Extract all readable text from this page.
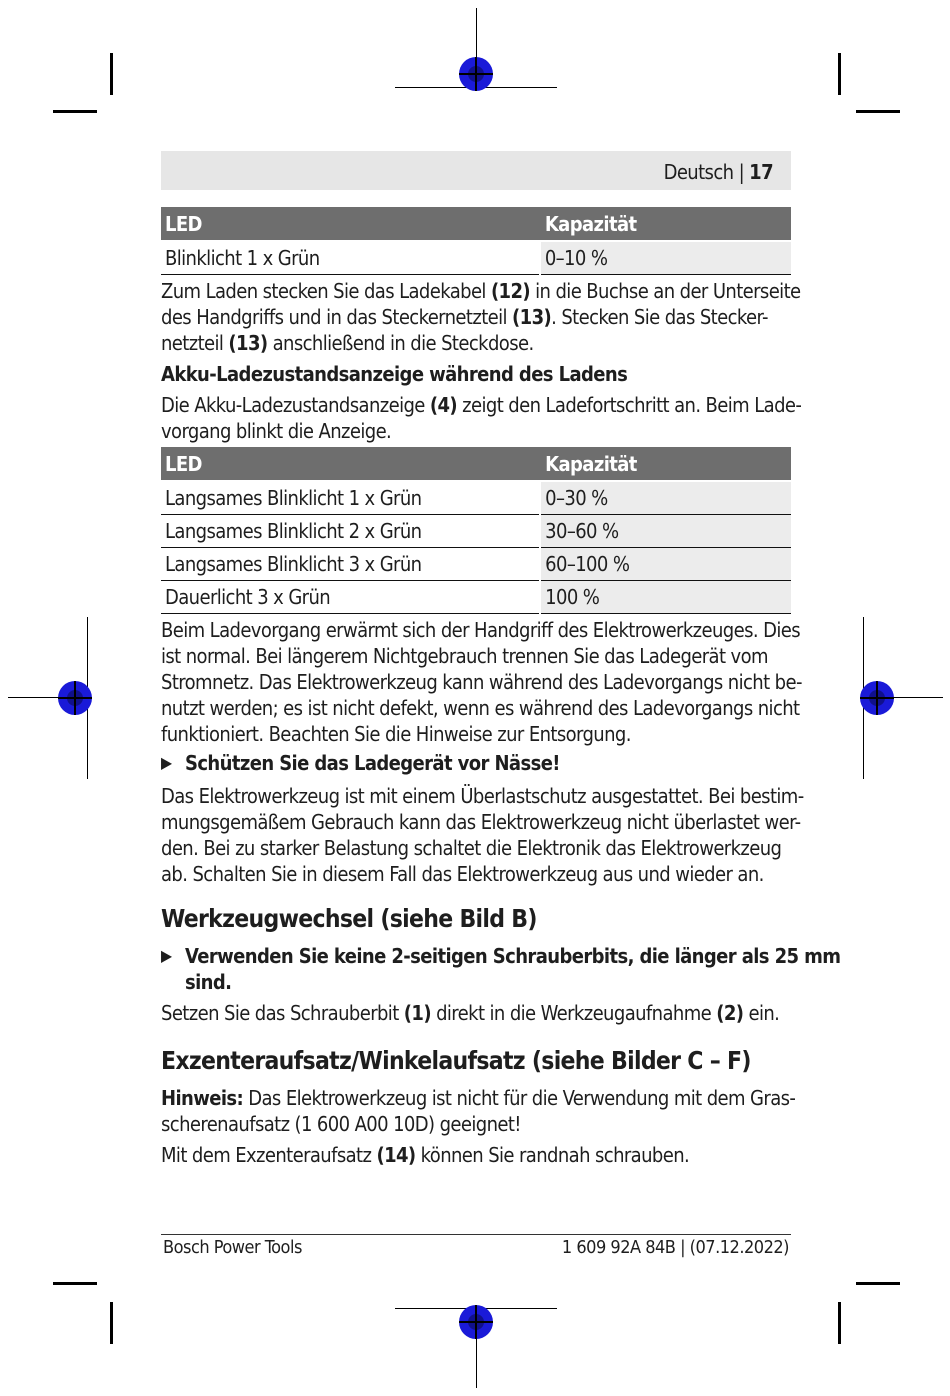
Deutsch | 17
LED	Kapazität
Blinklicht 1 x Grün	0–10 %
Zum Laden stecken Sie das Ladekabel (12) in die Buchse an der Unterseite
des Handgriffs und in das Steckernetzteil (13). Stecken Sie das Stecker-
netzteil (13) anschließend in die Steckdose.
Akku-Ladezustandsanzeige während des Ladens
Die Akku-Ladezustandsanzeige (4) zeigt den Ladefortschritt an. Beim Lade-
vorgang blinkt die Anzeige.
LED	Kapazität
Langsames Blinklicht 1 x Grün	0–30 %
Langsames Blinklicht 2 x Grün	30–60 %
Langsames Blinklicht 3 x Grün	60–100 %
Dauerlicht 3 x Grün	100 %
Beim Ladevorgang erwärmt sich der Handgriff des Elektrowerkzeuges. Dies
ist normal. Bei längerem Nichtgebrauch trennen Sie das Ladegerät vom
Stromnetz. Das Elektrowerkzeug kann während des Ladevorgangs nicht be-
nutzt werden; es ist nicht defekt, wenn es während des Ladevorgangs nicht
funktioniert. Beachten Sie die Hinweise zur Entsorgung.
▶ Schützen Sie das Ladegerät vor Nässe!
Das Elektrowerkzeug ist mit einem Überlastschutz ausgestattet. Bei bestim-
mungsgemäßem Gebrauch kann das Elektrowerkzeug nicht überlastet wer-
den. Bei zu starker Belastung schaltet die Elektronik das Elektrowerkzeug
ab. Schalten Sie in diesem Fall das Elektrowerkzeug aus und wieder an.
Werkzeugwechsel (siehe Bild B)
▶ Verwenden Sie keine 2-seitigen Schrauberbits, die länger als 25 mm
sind.
Setzen Sie das Schrauberbit (1) direkt in die Werkzeugaufnahme (2) ein.
Exzenteraufsatz/Winkelaufsatz (siehe Bilder C – F)
Hinweis: Das Elektrowerkzeug ist nicht für die Verwendung mit dem Gras-
scherenaufsatz (1 600 A00 10D) geeignet!
Mit dem Exzenteraufsatz (14) können Sie randnah schrauben.
Bosch Power Tools	1 609 92A 84B | (07.12.2022)
